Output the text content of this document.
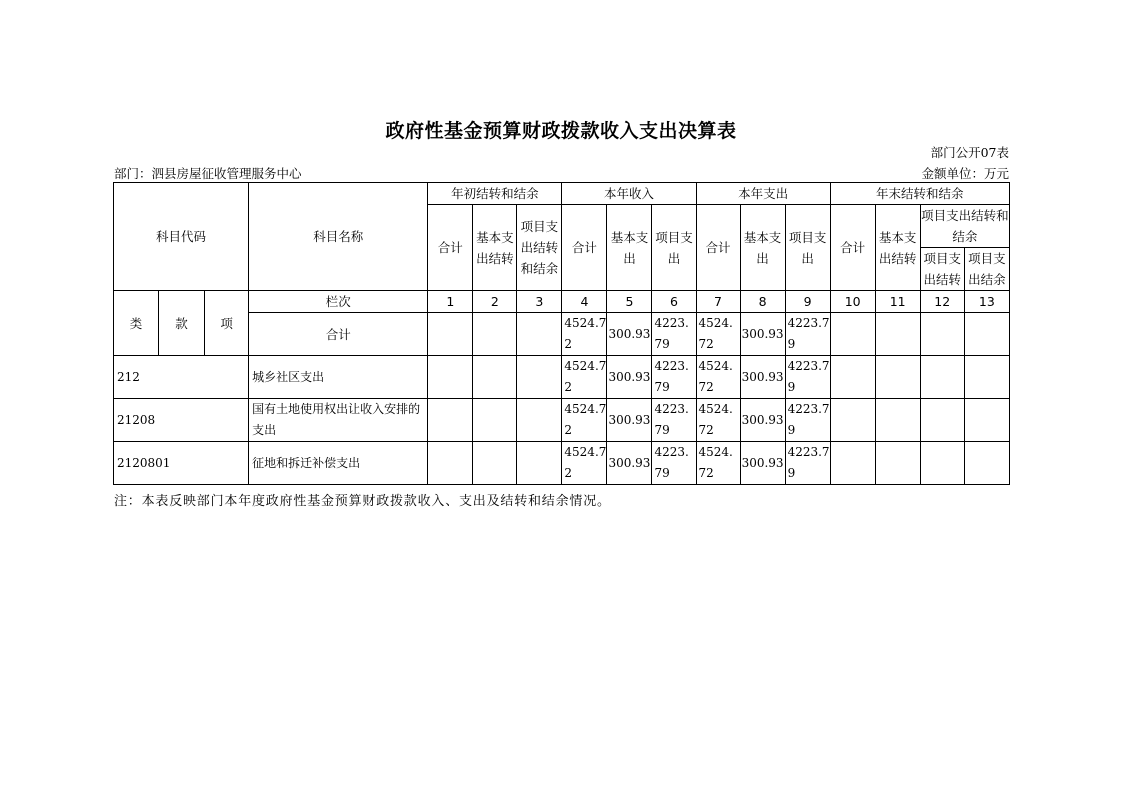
政府性基金预算财政拨款收入支出决算表
部门公开07表
部门：泗县房屋征收管理服务中心	金额单位：万元
科目代码			科目名称	年初结转和结余			本年收入			本年支出			年末结转和结余			
				合计	基本支出结转	项目支出结转和结余	合计	基本支出	项目支出	合计	基本支出	项目支出	合计	基本支出结转	项目支出结转和结余	
															项目支出结转	项目支出结余
类	款	项	栏次	1	2	3	4	5	6	7	8	9	10	11	12	13
			合计				4524.72	300.93	4223.79	4524.72	300.93	4223.79				
212			城乡社区支出				4524.72	300.93	4223.79	4524.72	300.93	4223.79				
21208			国有土地使用权出让收入安排的支出				4524.72	300.93	4223.79	4524.72	300.93	4223.79				
2120801			征地和拆迁补偿支出				4524.72	300.93	4223.79	4524.72	300.93	4223.79				
注：本表反映部门本年度政府性基金预算财政拨款收入、支出及结转和结余情况。
